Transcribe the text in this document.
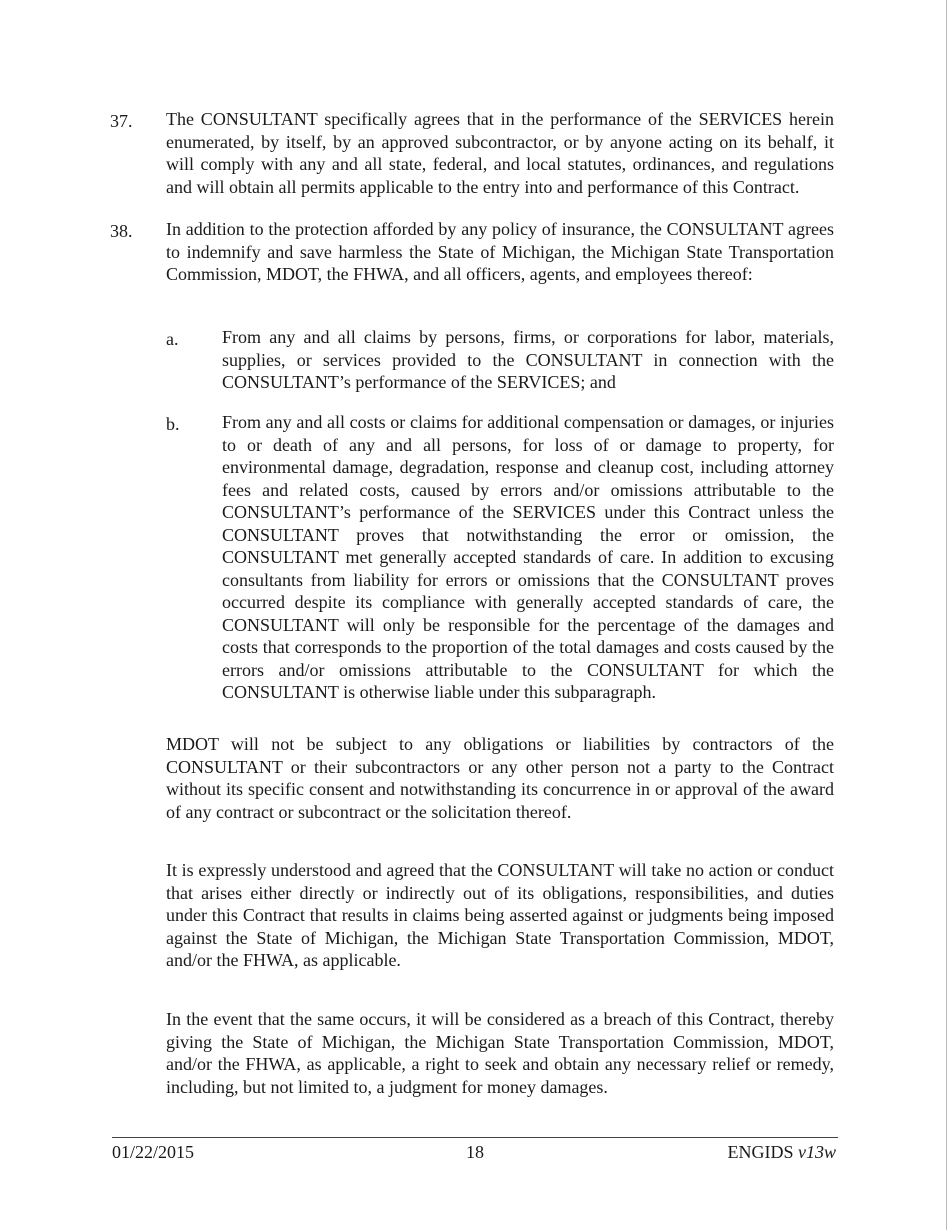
37. The CONSULTANT specifically agrees that in the performance of the SERVICES herein enumerated, by itself, by an approved subcontractor, or by anyone acting on its behalf, it will comply with any and all state, federal, and local statutes, ordinances, and regulations and will obtain all permits applicable to the entry into and performance of this Contract.

38. In addition to the protection afforded by any policy of insurance, the CONSULTANT agrees to indemnify and save harmless the State of Michigan, the Michigan State Transportation Commission, MDOT, the FHWA, and all officers, agents, and employees thereof:

a. From any and all claims by persons, firms, or corporations for labor, materials, supplies, or services provided to the CONSULTANT in connection with the CONSULTANT’s performance of the SERVICES; and

b. From any and all costs or claims for additional compensation or damages, or injuries to or death of any and all persons, for loss of or damage to property, for environmental damage, degradation, response and cleanup cost, including attorney fees and related costs, caused by errors and/or omissions attributable to the CONSULTANT’s performance of the SERVICES under this Contract unless the CONSULTANT proves that notwithstanding the error or omission, the CONSULTANT met generally accepted standards of care. In addition to excusing consultants from liability for errors or omissions that the CONSULTANT proves occurred despite its compliance with generally accepted standards of care, the CONSULTANT will only be responsible for the percentage of the damages and costs that corresponds to the proportion of the total damages and costs caused by the errors and/or omissions attributable to the CONSULTANT for which the CONSULTANT is otherwise liable under this subparagraph.

MDOT will not be subject to any obligations or liabilities by contractors of the CONSULTANT or their subcontractors or any other person not a party to the Contract without its specific consent and notwithstanding its concurrence in or approval of the award of any contract or subcontract or the solicitation thereof.

It is expressly understood and agreed that the CONSULTANT will take no action or conduct that arises either directly or indirectly out of its obligations, responsibilities, and duties under this Contract that results in claims being asserted against or judgments being imposed against the State of Michigan, the Michigan State Transportation Commission, MDOT, and/or the FHWA, as applicable.

In the event that the same occurs, it will be considered as a breach of this Contract, thereby giving the State of Michigan, the Michigan State Transportation Commission, MDOT, and/or the FHWA, as applicable, a right to seek and obtain any necessary relief or remedy, including, but not limited to, a judgment for money damages.

01/22/2015	18	ENGIDS v13w
